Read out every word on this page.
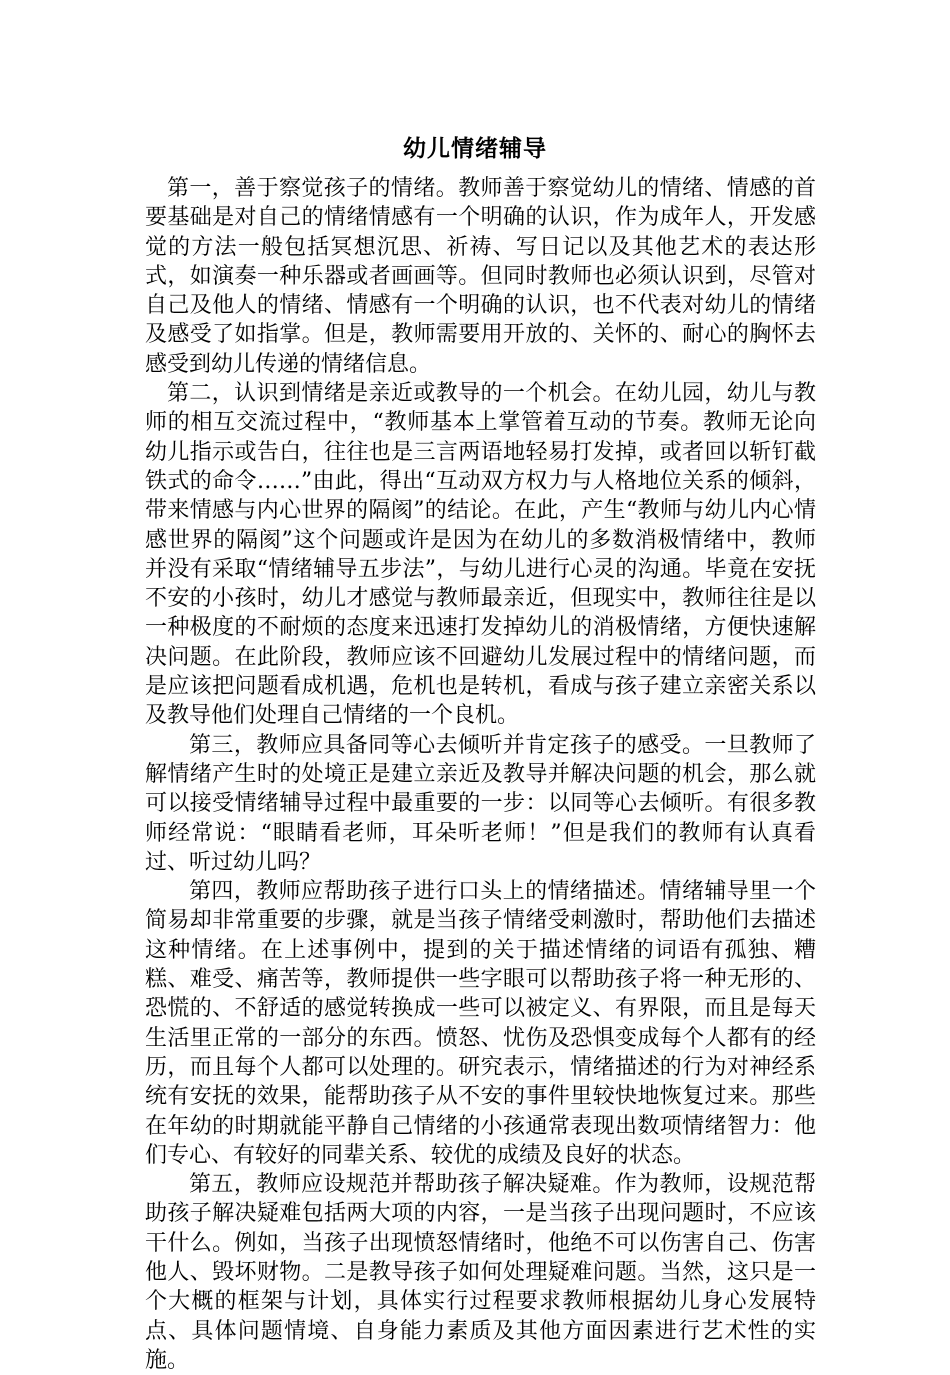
幼儿情绪辅导

第一，善于察觉孩子的情绪。教师善于察觉幼儿的情绪、情感的首要基础是对自己的情绪情感有一个明确的认识，作为成年人，开发感觉的方法一般包括冥想沉思、祈祷、写日记以及其他艺术的表达形式，如演奏一种乐器或者画画等。但同时教师也必须认识到，尽管对自己及他人的情绪、情感有一个明确的认识，也不代表对幼儿的情绪及感受了如指掌。但是，教师需要用开放的、关怀的、耐心的胸怀去感受到幼儿传递的情绪信息。

第二，认识到情绪是亲近或教导的一个机会。在幼儿园，幼儿与教师的相互交流过程中，“教师基本上掌管着互动的节奏。教师无论向幼儿指示或告白，往往也是三言两语地轻易打发掉，或者回以斩钉截铁式的命令……”由此，得出“互动双方权力与人格地位关系的倾斜，带来情感与内心世界的隔阂”的结论。在此，产生“教师与幼儿内心情感世界的隔阂”这个问题或许是因为在幼儿的多数消极情绪中，教师并没有采取“情绪辅导五步法”，与幼儿进行心灵的沟通。毕竟在安抚不安的小孩时，幼儿才感觉与教师最亲近，但现实中，教师往往是以一种极度的不耐烦的态度来迅速打发掉幼儿的消极情绪，方便快速解决问题。在此阶段，教师应该不回避幼儿发展过程中的情绪问题，而是应该把问题看成机遇，危机也是转机，看成与孩子建立亲密关系以及教导他们处理自己情绪的一个良机。

第三，教师应具备同等心去倾听并肯定孩子的感受。一旦教师了解情绪产生时的处境正是建立亲近及教导并解决问题的机会，那么就可以接受情绪辅导过程中最重要的一步：以同等心去倾听。有很多教师经常说：“眼睛看老师，耳朵听老师！”但是我们的教师有认真看过、听过幼儿吗？

第四，教师应帮助孩子进行口头上的情绪描述。情绪辅导里一个简易却非常重要的步骤，就是当孩子情绪受刺激时，帮助他们去描述这种情绪。在上述事例中，提到的关于描述情绪的词语有孤独、糟糕、难受、痛苦等，教师提供一些字眼可以帮助孩子将一种无形的、恐慌的、不舒适的感觉转换成一些可以被定义、有界限，而且是每天生活里正常的一部分的东西。愤怒、忧伤及恐惧变成每个人都有的经历，而且每个人都可以处理的。研究表示，情绪描述的行为对神经系统有安抚的效果，能帮助孩子从不安的事件里较快地恢复过来。那些在年幼的时期就能平静自己情绪的小孩通常表现出数项情绪智力：他们专心、有较好的同辈关系、较优的成绩及良好的状态。

第五，教师应设规范并帮助孩子解决疑难。作为教师，设规范帮助孩子解决疑难包括两大项的内容，一是当孩子出现问题时，不应该干什么。例如，当孩子出现愤怒情绪时，他绝不可以伤害自己、伤害他人、毁坏财物。二是教导孩子如何处理疑难问题。当然，这只是一个大概的框架与计划，具体实行过程要求教师根据幼儿身心发展特点、具体问题情境、自身能力素质及其他方面因素进行艺术性的实施。
